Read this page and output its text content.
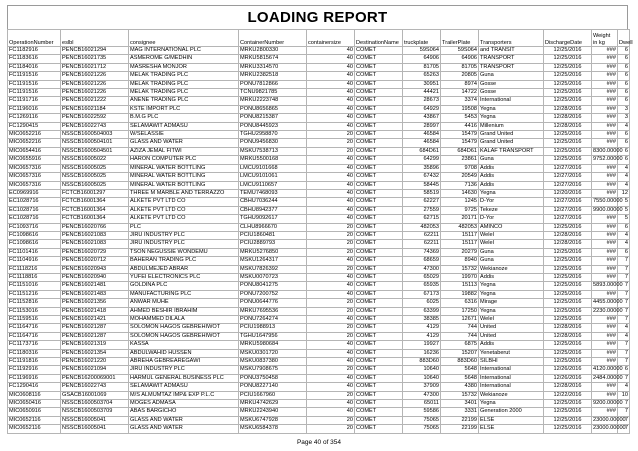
LOADING REPORT
OperationNumber	eslbl	consignee	ContainerNumber	containersize	DestinationName	truckplate	TrailerPlate	Transporters	DischargeDate	Weight in kg	Dwell
FC1182916	PENCB16021294	MAG INTERNATIONAL PLC	MRKU2800330	40	COMET	59S064	59S064	and TRANSIT	12/25/2016	###	6
FC1183616	PENCB16021735	ASMEROME G/MEDHIN	MRKU5815674	40	COMET	64906	64906	TRANSPORT	12/25/2016	###	6
FC1184016	PENCB16021712	MASRESHA MONJOR	MRKU3314570	40	COMET	81705	81705	TRANSPORT	12/25/2016	###	6
FC1191516	PENCB16021226	MELAK TRADING PLC	MRKU2382518	40	COMET	65263	20805	Guna	12/25/2016	###	6
FC1191516	PENCB16021226	MELAK TRADING PLC	PONU7812866	40	COMET	30951	8974	Gosse	12/25/2016	###	6
FC1191516	PENCB16021226	MELAK TRADING PLC	TCNU9821785	40	COMET	44421	14722	Gosse	12/25/2016	###	6
FC1191716	PENCB16021222	ANENE TRADING PLC	MRKU2223748	40	COMET	28673	3374	International	12/25/2016	###	6
FC1196016	PENCB16021184	KSTE IMPORT PLC	PONU8656865	40	COMET	64929	19508	Yegna	12/28/2016	###	3
FC1269116	PENCB16022592	B.M.G PLC	PONU8215387	40	COMET	43867	5453	Yegna	12/28/2016	###	3
FC1290415	PENCB16022743	SELAMAWIT ADMASU	PONU8445923	40	COMET	28997	4416	Millenium	12/28/2016	###	4
MIC0652216	NSSCB1600504003	W/SELASSIE	TGHU2958870	20	COMET	46584	15479	Grand United	12/25/2016	###	6
MIC0652216	NSSCB1600504101	GLASS AND WATER	PONU9456830	20	COMET	46584	15479	Grand United	12/25/2016	###	6
MIC0654416	NSSCB1600504501	AZIZA JEMAL FITWI	MSKU7538713	20	COMET	684D61	684D61	KALAF TRANSPORT	12/25/2016	8300.00000	6
MIC0655916	NSSCB16005022	HARON COMPUTER PLC	MRKU5500168	40	COMET	64299	23861	Guna	12/25/2016	9752.00000	6
MIC0657316	NSSCB16005025	MINERAL WATER BOTTLING	LMCU9101668	40	COMET	35896	9708	Addis	12/27/2016	###	4
MIC0657316	NSSCB16005025	MINERAL WATER BOTTLING	LMCU9101061	40	COMET	67432	20549	Addis	12/27/2016	###	4
MIC0657316	NSSCB16005025	MINERAL WATER BOTTLING	LMCU9110657	40	COMET	58445	7136	Addis	12/27/2016	###	4
EC0969916	FCTCB16001297	THREE M MARBLE AND TERRAZZO	TEMU7468093	40	COMET	58519	14630	Yegna	12/20/2016	###	12
EC1028716	FCTCB16001364	ALKETE PVT LTD CO	CBHU7036244	40	COMET	62227	1245	D-Yor	12/27/2016	7550.00000	5
EC1028716	FCTCB16001364	ALKETE PVT LTD CO	CBHU8942377	40	COMET	27559	9725	Tekeze	12/27/2016	9900.00000	5
EC1028716	FCTCB16001364	ALKETE PVT LTD CO	TGHU9092617	40	COMET	62715	20171	D-Yor	12/27/2016	###	5
FC1093716	PENCB16020766	PLC	CLHU8966670	20	COMET	482053	482053	AMINCO	12/25/2016	###	6
FC1098616	PENCB16021083	JIRU INDUSTRY PLC	PCIU1860481	20	COMET	62211	15117	Welel	12/28/2016	###	4
FC1098616	PENCB16021083	JIRU INDUSTRY PLC	PCIU2889793	20	COMET	62211	15117	Welel	12/28/2016	###	4
FC1101416	PENCB16020729	TSON NEGUSSIE WONDEMU	MRKU5276850	20	COMET	74369	20279	Guna	12/25/2016	###	6
FC1104916	PENCB16020712	BAHERAN TRADING PLC	MSKU1264317	40	COMET	68659	8940	Guna	12/25/2016	###	7
FC1118216	PENCB16020943	ABDULMEJED ABRAR	MSKU7826392	20	COMET	47300	15732	Wekianoze	12/25/2016	###	7
FC1118816	PENCB16020940	YUFEI ELECTRONICS PLC	MSKU0070723	40	COMET	65029	19970	Addis	12/25/2016	###	7
FC1151016	PENCB16021481	GOLDINA PLC	PONU8041275	40	COMET	65935	15113	Yegna	12/25/2016	5893.00000	7
FC1151216	PENCB16021483	MANUFACTURING PLC	PONU7200752	40	COMET	67173	19882	Yegna	12/25/2016	###	7
FC1152816	PENCB16021356	ANWAR MUHE	PONU0644776	20	COMET	6025	6316	Mirage	12/25/2016	4455.00000	7
FC1153016	PENCB16021418	AHMED BESHIR IBRAHIM	MRKU7695536	20	COMET	63399	17250	Yegna	12/25/2016	2230.00000	7
FC1159516	PENCB16021421	MOHAMMED DILALA	PONU7264274	40	COMET	38385	12671	Welel	12/25/2016	###	7
FC1164716	PENCB16021287	SOLOMON HAGOS GEBREHIWOT	PCIU1988913	20	COMET	4129	744	United	12/28/2016	###	4
FC1164716	PENCB16021287	SOLOMON HAGOS GEBREHIWOT	TGHU1647956	20	COMET	4129	744	United	12/28/2016	###	4
FC1173716	PENCB16021319	KASSA	MRKU5980684	40	COMET	19927	6875	Addis	12/25/2016	###	7
FC1180316	PENCB16021354	ABDULWAHID HUSSEN	MSKU0301720	40	COMET	16236	15207	Yenetaberut	12/25/2016	###	7
FC1191816	PENCB16021220	ABREHA GEBREAREGAWI	MSKU0837380	40	COMET	883D60	883D60	SILBHI	12/25/2016	###	7
FC1192916	PENCB16021094	JIRU INDUSTRY PLC	MSKU7908675	20	COMET	10640	5648	International	12/26/2016	4120.00000	6
FC1196916	PENCB16200069001	HARMUL GENERAL BUSINESS PLC	PONU3750458	40	COMET	10640	5648	International	12/26/2016	2484.00000	7
FC1290416	PENCB16022743	SELAMAWIT ADMASU	PONU8227140	40	COMET	37909	4380	International	12/28/2016	###	4
MIC0608116	GSACB16001069	M/S ALMUMTAZ IMP& EXP P.L.C	PCIU1667960	20	COMET	47300	15732	Wekianoze	12/22/2016	###	10
MIC0650416	NSSCB1600503704	MOGES ADMASA	MRKU4742629	40	COMET	65011	3401	Yegna	12/25/2016	9200.00000	7
MIC0650916	NSSCB1600503709	ABAS BARGICHO	MRKU2243940	40	COMET	59586	3331	Generation 2000	12/25/2016	###	7
MIC0652116	NSSCB16005041	GLASS AND WATER	MSKU6747928	20	COMET	75065	22199	ELSE	12/25/2016	23000.00000	7
MIC0652116	NSSCB16005041	GLASS AND WATER	MSKU6584378	20	COMET	75065	22199	ELSE	12/25/2016	23000.00000	7
Page 40 of 354
